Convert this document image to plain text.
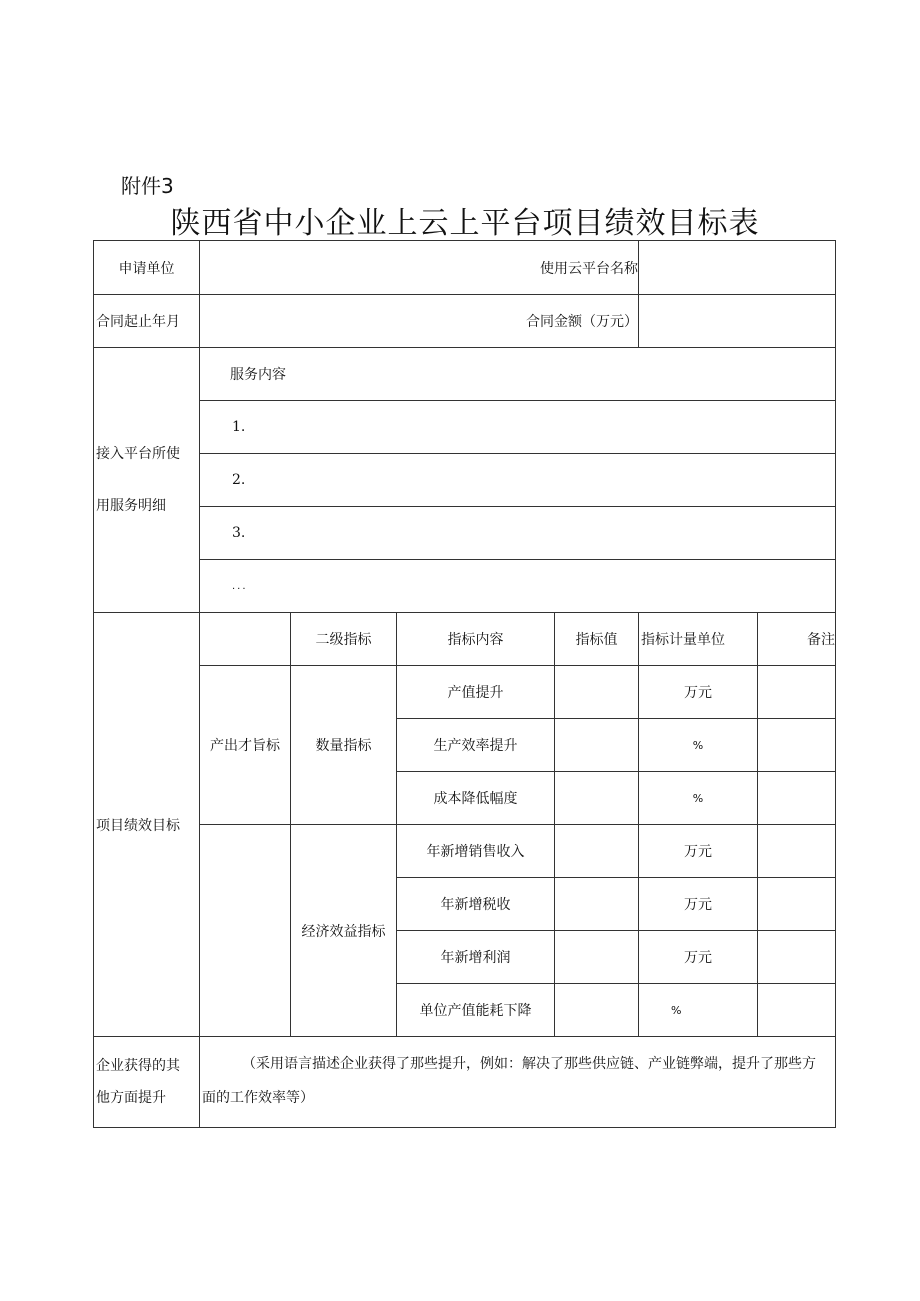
附件3
陕西省中小企业上云上平台项目绩效目标表
申请单位	使用云平台名称					
合同起止年月	合同金额（万元）					

接入平台所使
用服务明细	服务内容					
	1.					
	2.					
	3.					
	...					
项目绩效目标		二级指标	指标内容	指标值	指标计量单位	备注
	产出才旨标	数量指标	产值提升		万元	
			生产效率提升		%	
			成本降低幅度		%	
		经济效益指标	年新增销售收入		万元	
			年新增税收		万元	
			年新增利润		万元	
			单位产值能耗下降		%	

企业获得的其
他方面提升	（采用语言描述企业获得了那些提升，例如：解决了那些供应链、产业链弊端，提升了那些方面的工作效率等）					
